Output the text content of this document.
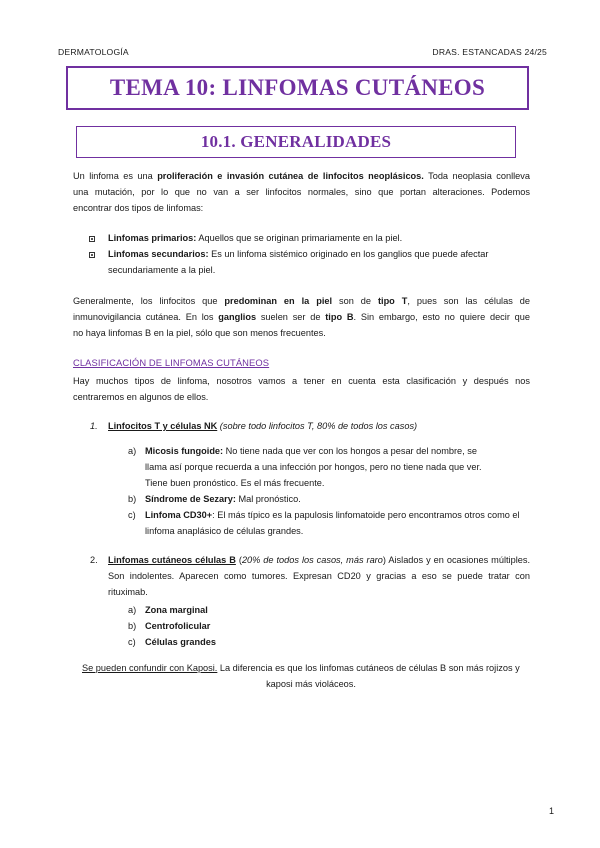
DERMATOLOGÍA	DRAS. ESTANCADAS 24/25
TEMA 10: LINFOMAS CUTÁNEOS
10.1. GENERALIDADES
Un linfoma es una proliferación e invasión cutánea de linfocitos neoplásicos. Toda neoplasia conlleva
una mutación, por lo que no van a ser linfocitos normales, sino que portan alteraciones. Podemos
encontrar dos tipos de linfomas:
Linfomas primarios: Aquellos que se originan primariamente en la piel.
Linfomas secundarios: Es un linfoma sistémico originado en los ganglios que puede afectar
secundariamente a la piel.
Generalmente, los linfocitos que predominan en la piel son de tipo T, pues son las células de
inmunovigilancia cutánea. En los ganglios suelen ser de tipo B. Sin embargo, esto no quiere decir que
no haya linfomas B en la piel, sólo que son menos frecuentes.
CLASIFICACIÓN DE LINFOMAS CUTÁNEOS
Hay muchos tipos de linfoma, nosotros vamos a tener en cuenta esta clasificación y después nos
centraremos en algunos de ellos.
1. Linfocitos T y células NK (sobre todo linfocitos T, 80% de todos los casos)
a) Micosis fungoide: No tiene nada que ver con los hongos a pesar del nombre, se
llama así porque recuerda a una infección por hongos, pero no tiene nada que ver.
Tiene buen pronóstico. Es el más frecuente.
b) Síndrome de Sezary: Mal pronóstico.
c) Linfoma CD30+: El más típico es la papulosis linfomatoide pero encontramos otros como el
linfoma anaplásico de células grandes.
2. Linfomas cutáneos células B (20% de todos los casos, más raro) Aislados y en ocasiones múltiples.
Son indolentes. Aparecen como tumores. Expresan CD20 y gracias a eso se puede tratar con
rituximab.
a) Zona marginal
b) Centrofolicular
c) Células grandes
Se pueden confundir con Kaposi. La diferencia es que los linfomas cutáneos de células B son más rojizos y
kaposi más violáceos.
1
